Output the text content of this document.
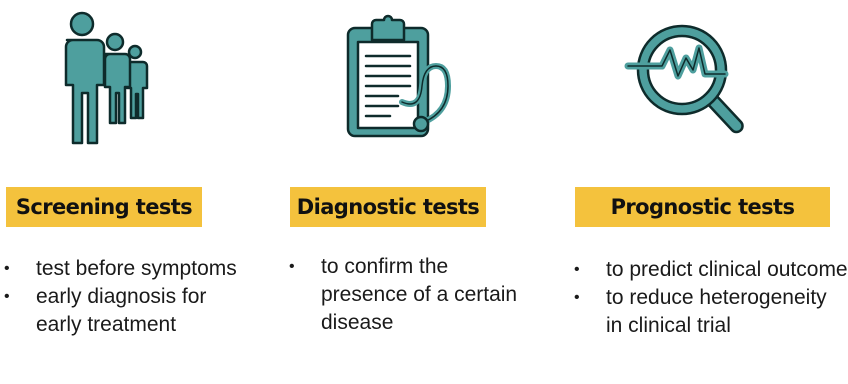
Screening tests
• test before symptoms
• early diagnosis for early treatment
Diagnostic tests
• to confirm the presence of a certain disease
Prognostic tests
• to predict clinical outcome
• to reduce heterogeneity in clinical trial
